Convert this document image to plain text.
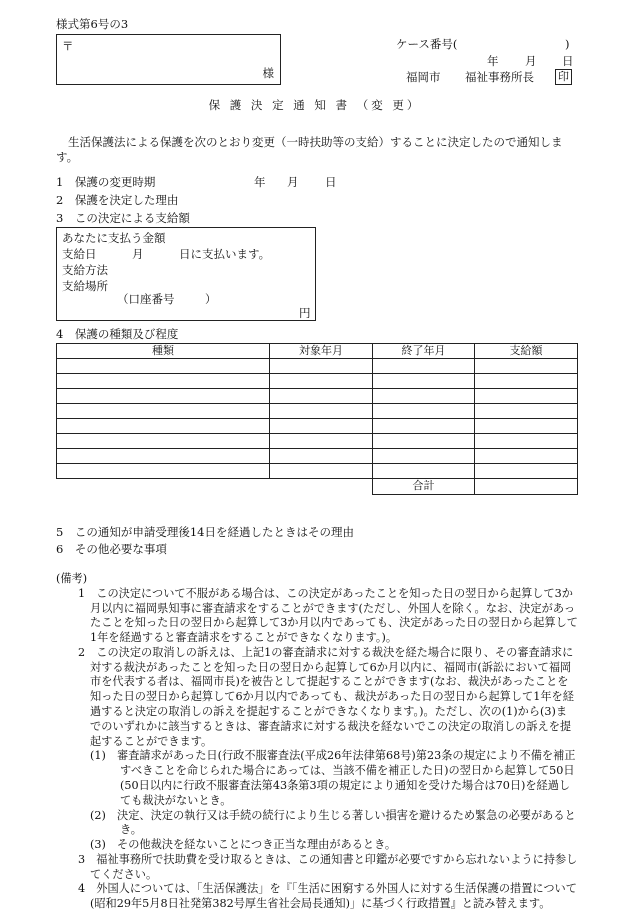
様式第6号の3
〒
様
ケース番号(	)
年 月 日
福岡市 福祉事務所長 印
保 護 決 定 通 知 書 （変 更）
生活保護法による保護を次のとおり変更（一時扶助等の支給）することに決定したので通知します。
1　保護の変更時期	年 月 日
2　保護を決定した理由
3　この決定による支給額
あなたに支払う金額
支給日	月	日に支払います。
支給方法
支給場所
（口座番号	）
円
4　保護の種類及び程度
種類	対象年月	終了年月	支給額

		合計	
5　この通知が申請受理後14日を経過したときはその理由
6　その他必要な事項

(備考)

1　この決定について不服がある場合は、この決定があったことを知った日の翌日から起算して3か月以内に福岡県知事に審査請求をすることができます(ただし、外国人を除く。なお、決定があったことを知った日の翌日から起算して3か月以内であっても、決定があった日の翌日から起算して1年を経過すると審査請求をすることができなくなります。)。

2　この決定の取消しの訴えは、上記1の審査請求に対する裁決を経た場合に限り、その審査請求に対する裁決があったことを知った日の翌日から起算して6か月以内に、福岡市(訴訟において福岡市を代表する者は、福岡市長)を被告として提起することができます(なお、裁決があったことを知った日の翌日から起算して6か月以内であっても、裁決があった日の翌日から起算して1年を経過すると決定の取消しの訴えを提起することができなくなります。)。ただし、次の(1)から(3)までのいずれかに該当するときは、審査請求に対する裁決を経ないでこの決定の取消しの訴えを提起することができます。

(1)　審査請求があった日(行政不服審査法(平成26年法律第68号)第23条の規定により不備を補正すべきことを命じられた場合にあっては、当該不備を補正した日)の翌日から起算して50日(50日以内に行政不服審査法第43条第3項の規定により通知を受けた場合は70日)を経過しても裁決がないとき。

(2)　決定、決定の執行又は手続の続行により生じる著しい損害を避けるため緊急の必要があるとき。

(3)　その他裁決を経ないことにつき正当な理由があるとき。

3　福祉事務所で扶助費を受け取るときは、この通知書と印鑑が必要ですから忘れないように持参してください。

4　外国人については、「生活保護法」を『「生活に困窮する外国人に対する生活保護の措置について(昭和29年5月8日社発第382号厚生省社会局長通知)」に基づく行政措置』と読み替えます。
